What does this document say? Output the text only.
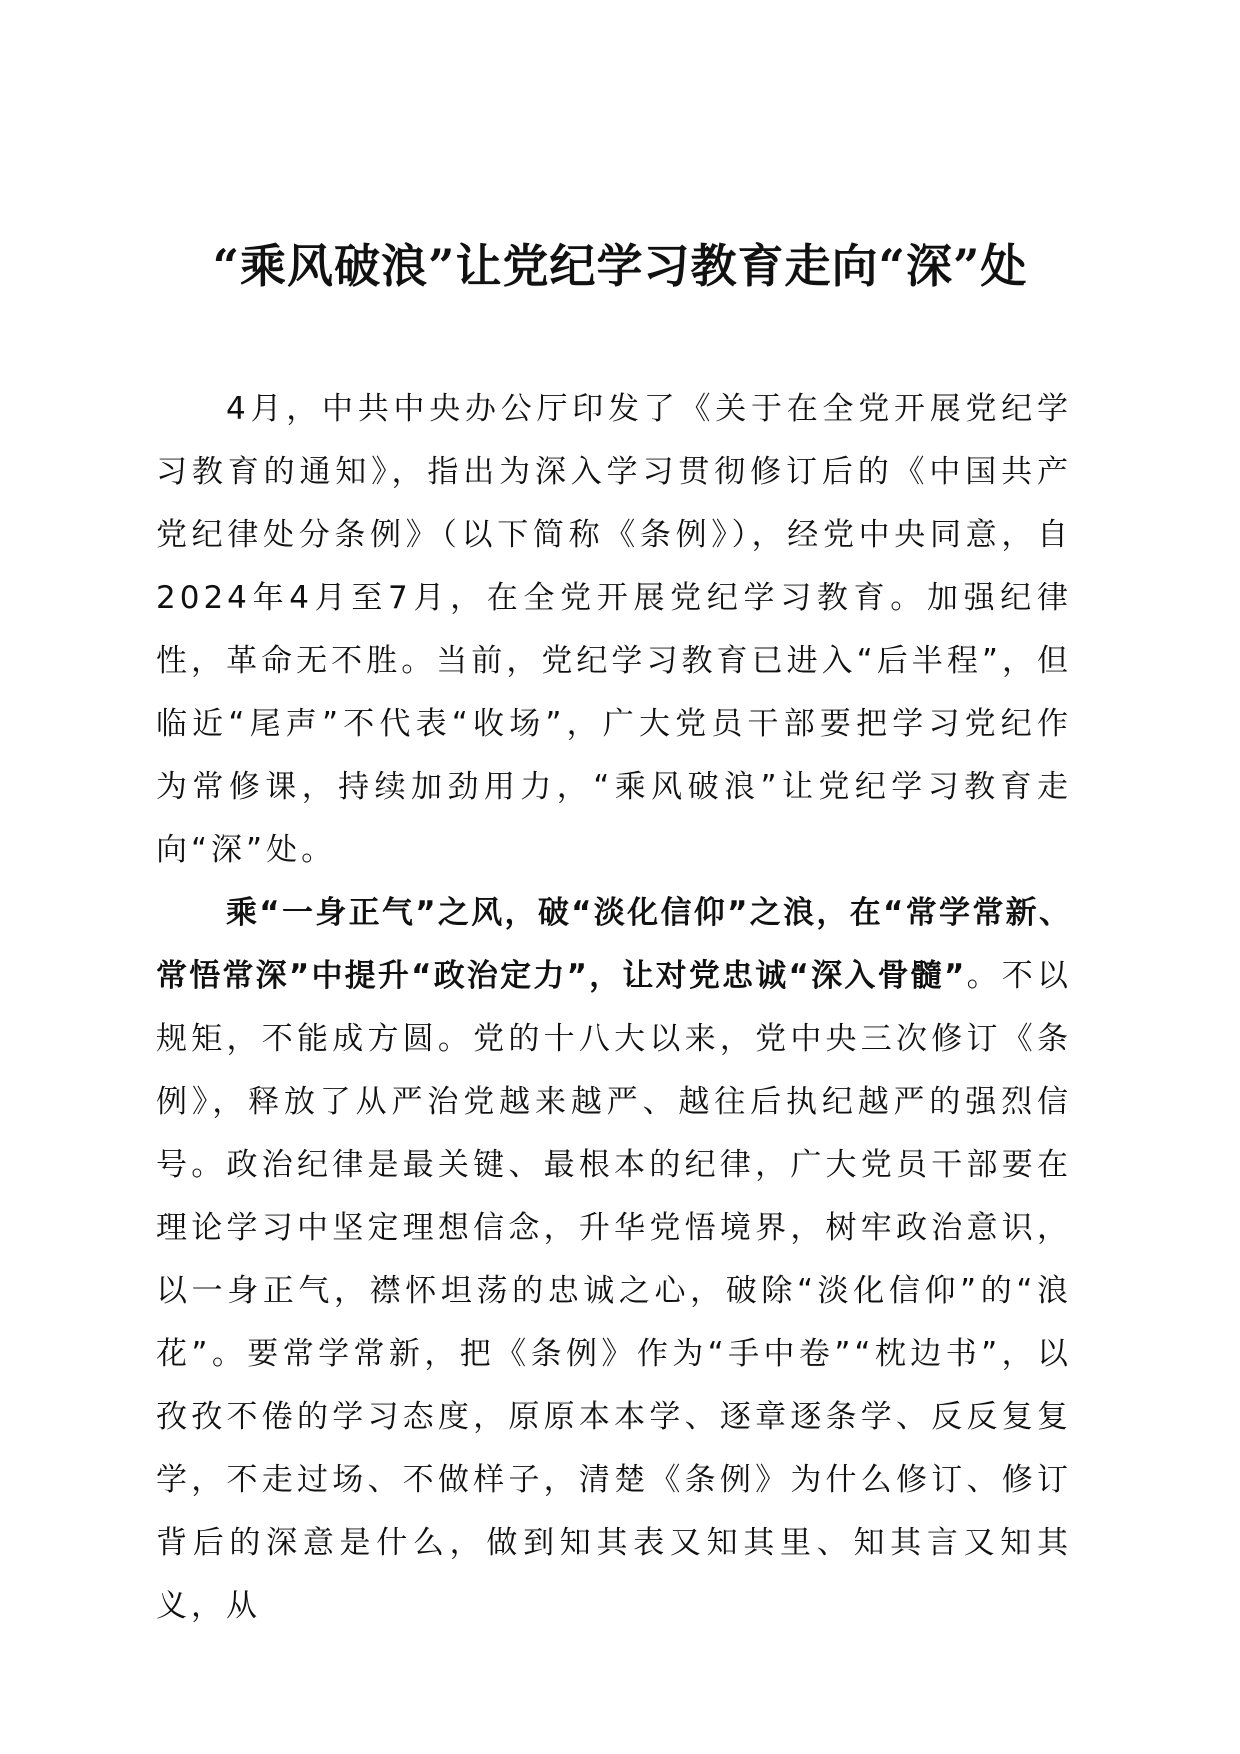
“乘风破浪”让党纪学习教育走向“深”处

4月，中共中央办公厅印发了《关于在全党开展党纪学习教育的通知》，指出为深入学习贯彻修订后的《中国共产党纪律处分条例》（以下简称《条例》），经党中央同意，自2024年4月至7月，在全党开展党纪学习教育。加强纪律性，革命无不胜。当前，党纪学习教育已进入“后半程”，但临近“尾声”不代表“收场”，广大党员干部要把学习党纪作为常修课，持续加劲用力，“乘风破浪”让党纪学习教育走向“深”处。

乘“一身正气”之风，破“淡化信仰”之浪，在“常学常新、常悟常深”中提升“政治定力”，让对党忠诚“深入骨髓”。不以规矩，不能成方圆。党的十八大以来，党中央三次修订《条例》，释放了从严治党越来越严、越往后执纪越严的强烈信号。政治纪律是最关键、最根本的纪律，广大党员干部要在理论学习中坚定理想信念，升华党悟境界，树牢政治意识，以一身正气，襟怀坦荡的忠诚之心，破除“淡化信仰”的“浪花”。要常学常新，把《条例》作为“手中卷”“枕边书”，以孜孜不倦的学习态度，原原本本学、逐章逐条学、反反复复学，不走过场、不做样子，清楚《条例》为什么修订、修订背后的深意是什么，做到知其表又知其里、知其言又知其义，从
